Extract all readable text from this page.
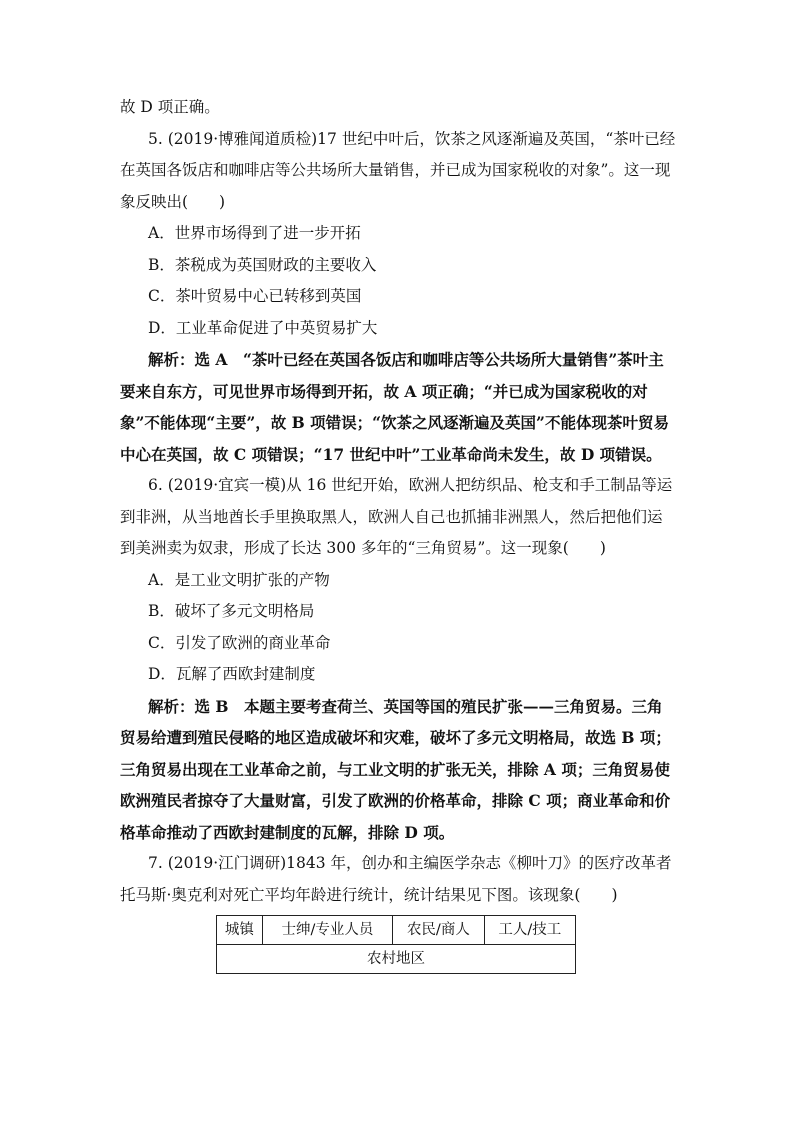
故 D 项正确。

5. (2019·博雅闻道质检)17 世纪中叶后，饮茶之风逐渐遍及英国，“茶叶已经在英国各饭店和咖啡店等公共场所大量销售，并已成为国家税收的对象”。这一现象反映出(　　)

A．世界市场得到了进一步开拓

B．茶税成为英国财政的主要收入

C．茶叶贸易中心已转移到英国

D．工业革命促进了中英贸易扩大

解析：选 A　“茶叶已经在英国各饭店和咖啡店等公共场所大量销售”茶叶主要来自东方，可见世界市场得到开拓，故 A 项正确；“并已成为国家税收的对象”不能体现“主要”，故 B 项错误；“饮茶之风逐渐遍及英国”不能体现茶叶贸易中心在英国，故 C 项错误；“17 世纪中叶”工业革命尚未发生，故 D 项错误。

6. (2019·宜宾一模)从 16 世纪开始，欧洲人把纺织品、枪支和手工制品等运到非洲，从当地酋长手里换取黑人，欧洲人自己也抓捕非洲黑人，然后把他们运到美洲卖为奴隶，形成了长达 300 多年的“三角贸易”。这一现象(　　)

A．是工业文明扩张的产物

B．破坏了多元文明格局

C．引发了欧洲的商业革命

D．瓦解了西欧封建制度

解析：选 B　本题主要考查荷兰、英国等国的殖民扩张——三角贸易。三角贸易给遭到殖民侵略的地区造成破坏和灾难，破坏了多元文明格局，故选 B 项；三角贸易出现在工业革命之前，与工业文明的扩张无关，排除 A 项；三角贸易使欧洲殖民者掠夺了大量财富，引发了欧洲的价格革命，排除 C 项；商业革命和价格革命推动了西欧封建制度的瓦解，排除 D 项。

7. (2019·江门调研)1843 年，创办和主编医学杂志《柳叶刀》的医疗改革者托马斯·奥克利对死亡平均年龄进行统计，统计结果见下图。该现象(　　)

城镇	士绅/专业人员	农民/商人	工人/技工
农村地区
